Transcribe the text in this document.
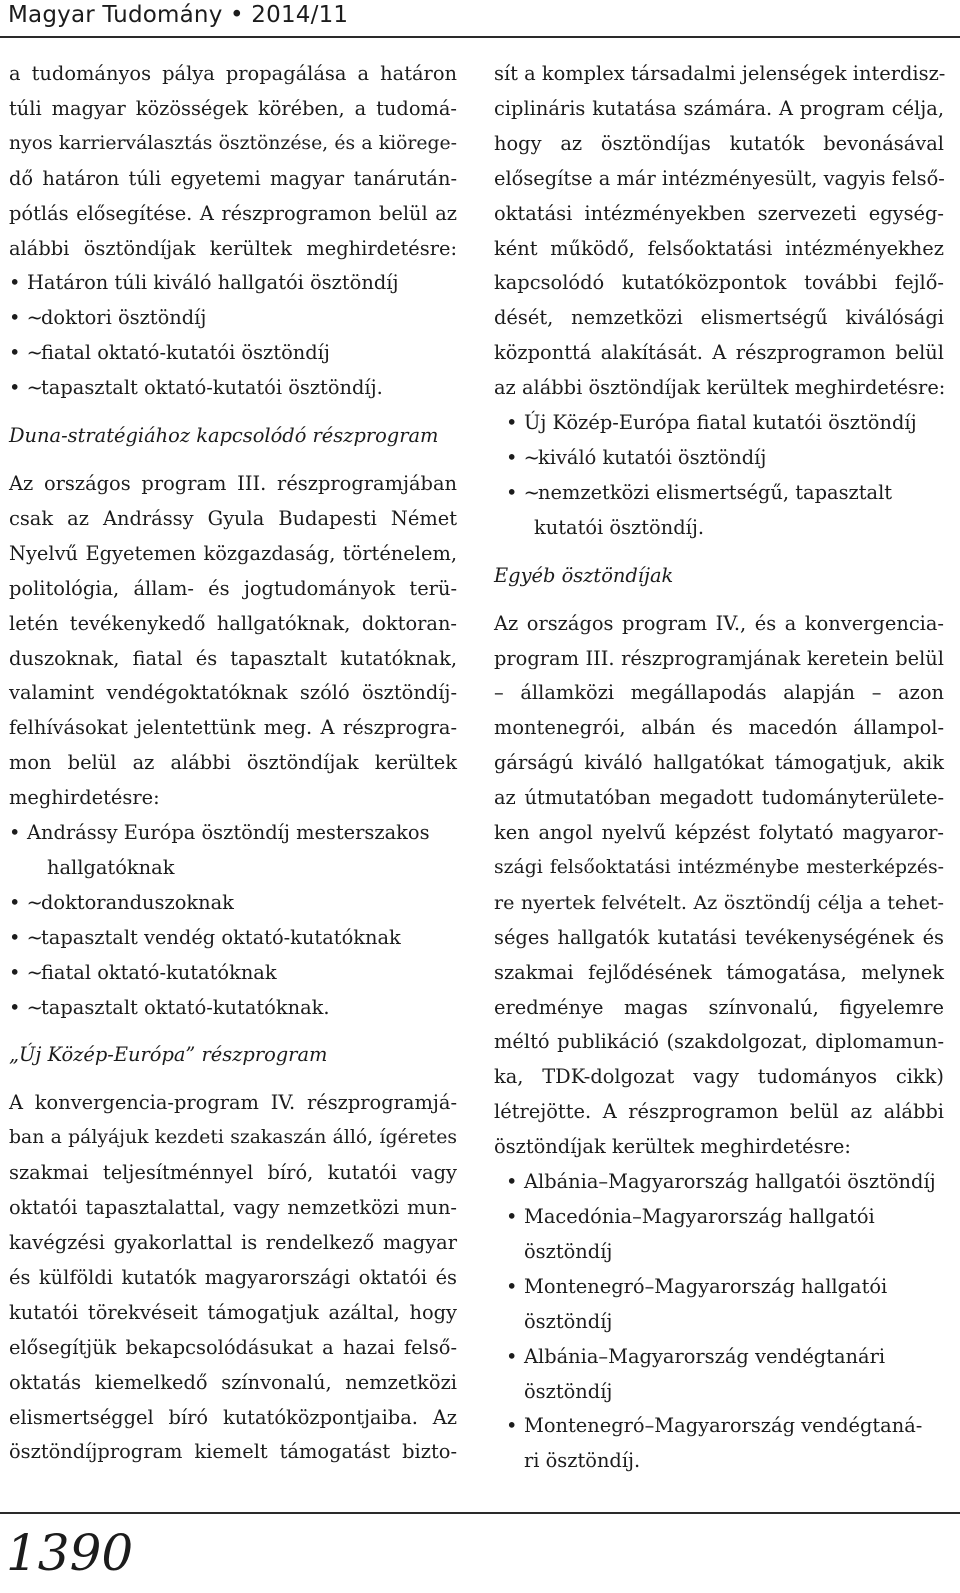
Magyar Tudomány • 2014/11
a tudományos pálya propagálása a határon
túli magyar közösségek körében, a tudomá-
nyos karrierválasztás ösztönzése, és a kiörege-
dő határon túli egyetemi magyar tanárután-
pótlás elősegítése. A részprogramon belül az
alábbi ösztöndíjak kerültek meghirdetésre:
• Határon túli kiváló hallgatói ösztöndíj
• ~ doktori ösztöndíj
• ~ fiatal oktató-kutatói ösztöndíj
• ~ tapasztalt oktató-kutatói ösztöndíj.
Duna-stratégiához kapcsolódó részprogram
Az országos program III. részprogramjában
csak az Andrássy Gyula Budapesti Német
Nyelvű Egyetemen közgazdaság, történelem,
politológia, állam- és jogtudományok terü-
letén tevékenykedő hallgatóknak, doktoran-
duszoknak, fiatal és tapasztalt kutatóknak,
valamint vendégoktatóknak szóló ösztöndíj-
felhívásokat jelentettünk meg. A részprogra-
mon belül az alábbi ösztöndíjak kerültek
meghirdetésre:
• Andrássy Európa ösztöndíj mesterszakos
hallgatóknak
• ~ doktoranduszoknak
• ~ tapasztalt vendég oktató-kutatóknak
• ~ fiatal oktató-kutatóknak
• ~ tapasztalt oktató-kutatóknak.
„Új Közép-Európa” részprogram
A konvergencia-program IV. részprogramjá-
ban a pályájuk kezdeti szakaszán álló, ígéretes
szakmai teljesítménnyel bíró, kutatói vagy
oktatói tapasztalattal, vagy nemzetközi mun-
kavégzési gyakorlattal is rendelkező magyar
és külföldi kutatók magyarországi oktatói és
kutatói törekvéseit támogatjuk azáltal, hogy
elősegítjük bekapcsolódásukat a hazai felső-
oktatás kiemelkedő színvonalú, nemzetközi
elismertséggel bíró kutatóközpontjaiba. Az
ösztöndíjprogram kiemelt támogatást bizto-
sít a komplex társadalmi jelenségek interdisz-
ciplináris kutatása számára. A program célja,
hogy az ösztöndíjas kutatók bevonásával
elősegítse a már intézményesült, vagyis felső-
oktatási intézményekben szervezeti egység-
ként működő, felsőoktatási intézményekhez
kapcsolódó kutatóközpontok további fejlő-
dését, nemzetközi elismertségű kiválósági
központtá alakítását. A részprogramon belül
az alábbi ösztöndíjak kerültek meghirdetésre:
• Új Közép-Európa fiatal kutatói ösztöndíj
• ~ kiváló kutatói ösztöndíj
• ~ nemzetközi elismertségű, tapasztalt
kutatói ösztöndíj.
Egyéb ösztöndíjak
Az országos program IV., és a konvergencia-
program III. részprogramjának keretein belül
– államközi megállapodás alapján – azon
montenegrói, albán és macedón állampol-
gárságú kiváló hallgatókat támogatjuk, akik
az útmutatóban megadott tudományterülete-
ken angol nyelvű képzést folytató magyaror-
szági felsőoktatási intézménybe mesterképzés-
re nyertek felvételt. Az ösztöndíj célja a tehet-
séges hallgatók kutatási tevékenységének és
szakmai fejlődésének támogatása, melynek
eredménye magas színvonalú, figyelemre
méltó publikáció (szakdolgozat, diplomamun-
ka, TDK-dolgozat vagy tudományos cikk)
létrejötte. A részprogramon belül az alábbi
ösztöndíjak kerültek meghirdetésre:
• Albánia–Magyarország hallgatói ösztöndíj
• Macedónia–Magyarország hallgatói
ösztöndíj
• Montenegró–Magyarország hallgatói
ösztöndíj
• Albánia–Magyarország vendégtanári
ösztöndíj
• Montenegró–Magyarország vendégtaná-
ri ösztöndíj.
1390
